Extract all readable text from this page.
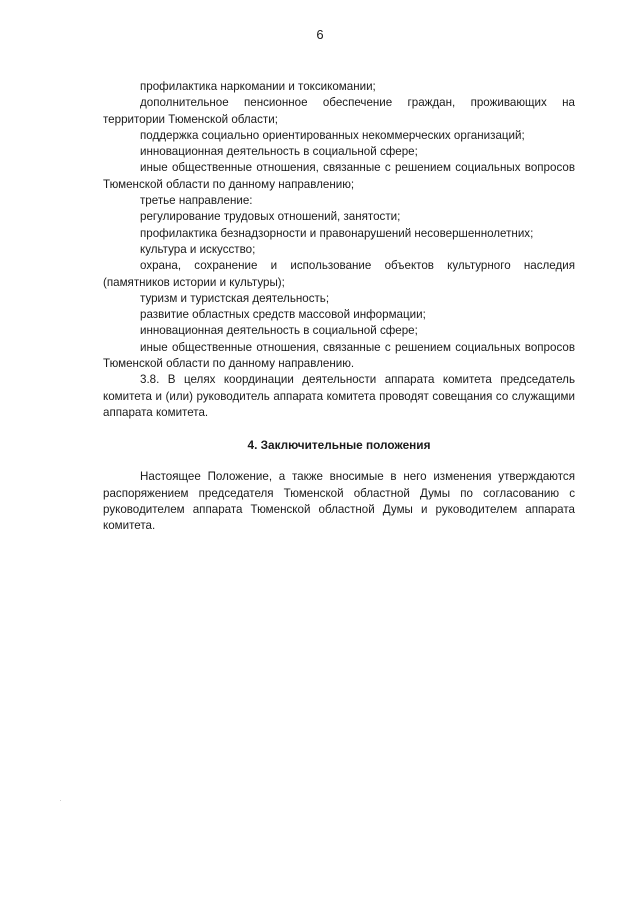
6

профилактика наркомании и токсикомании;

дополнительное пенсионное обеспечение граждан, проживающих на территории Тюменской области;

поддержка социально ориентированных некоммерческих организаций;

инновационная деятельность в социальной сфере;

иные общественные отношения, связанные с решением социальных вопросов Тюменской области по данному направлению;

третье направление:

регулирование трудовых отношений, занятости;

профилактика безнадзорности и правонарушений несовершеннолетних;

культура и искусство;

охрана, сохранение и использование объектов культурного наследия (памятников истории и культуры);

туризм и туристская деятельность;

развитие областных средств массовой информации;

инновационная деятельность в социальной сфере;

иные общественные отношения, связанные с решением социальных вопросов Тюменской области по данному направлению.

3.8. В целях координации деятельности аппарата комитета председатель комитета и (или) руководитель аппарата комитета проводят совещания со служащими аппарата комитета.

4. Заключительные положения

Настоящее Положение, а также вносимые в него изменения утверждаются распоряжением председателя Тюменской областной Думы по согласованию с руководителем аппарата Тюменской областной Думы и руководителем аппарата комитета.
